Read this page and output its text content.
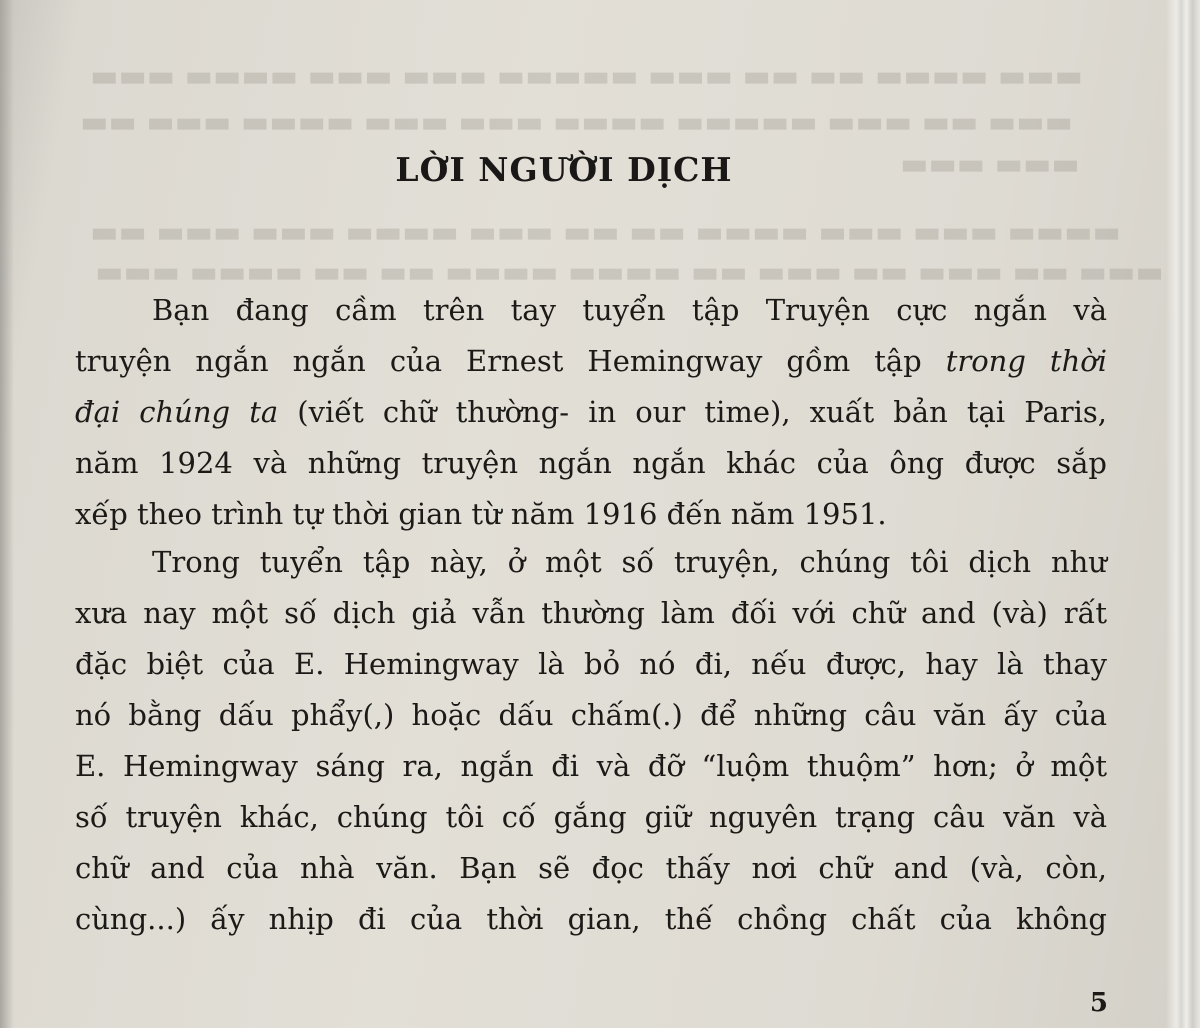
▬▬▬ ▬▬▬▬ ▬▬ ▬▬ ▬▬▬ ▬▬▬▬▬ ▬▬▬ ▬▬▬ ▬▬▬▬ ▬▬▬
▬▬▬ ▬▬ ▬▬▬ ▬▬▬▬▬ ▬▬▬▬ ▬▬▬ ▬▬▬ ▬▬▬▬ ▬▬▬ ▬▬
▬▬▬ ▬▬▬
▬▬▬▬ ▬▬▬ ▬▬▬ ▬▬▬▬ ▬▬ ▬▬ ▬▬▬ ▬▬▬▬ ▬▬▬ ▬▬▬ ▬▬
▬▬▬ ▬▬ ▬▬▬ ▬▬ ▬▬▬ ▬▬ ▬▬▬▬ ▬▬▬▬ ▬▬ ▬▬ ▬▬▬▬ ▬▬▬
LỜI NGƯỜI DỊCH
Bạn đang cầm trên tay tuyển tập Truyện cực ngắn và
truyện ngắn ngắn của Ernest Hemingway gồm tập trong thời
đại chúng ta (viết chữ thường- in our time), xuất bản tại Paris,
năm 1924 và những truyện ngắn ngắn khác của ông được sắp
xếp theo trình tự thời gian từ năm 1916 đến năm 1951.
Trong tuyển tập này, ở một số truyện, chúng tôi dịch như
xưa nay một số dịch giả vẫn thường làm đối với chữ and (và) rất
đặc biệt của E. Hemingway là bỏ nó đi, nếu được, hay là thay
nó bằng dấu phẩy(,) hoặc dấu chấm(.) để những câu văn ấy của
E. Hemingway sáng ra, ngắn đi và đỡ “luộm thuộm” hơn; ở một
số truyện khác, chúng tôi cố gắng giữ nguyên trạng câu văn và
chữ and của nhà văn. Bạn sẽ đọc thấy nơi chữ and (và, còn,
cùng...) ấy nhịp đi của thời gian, thế chồng chất của không
5
